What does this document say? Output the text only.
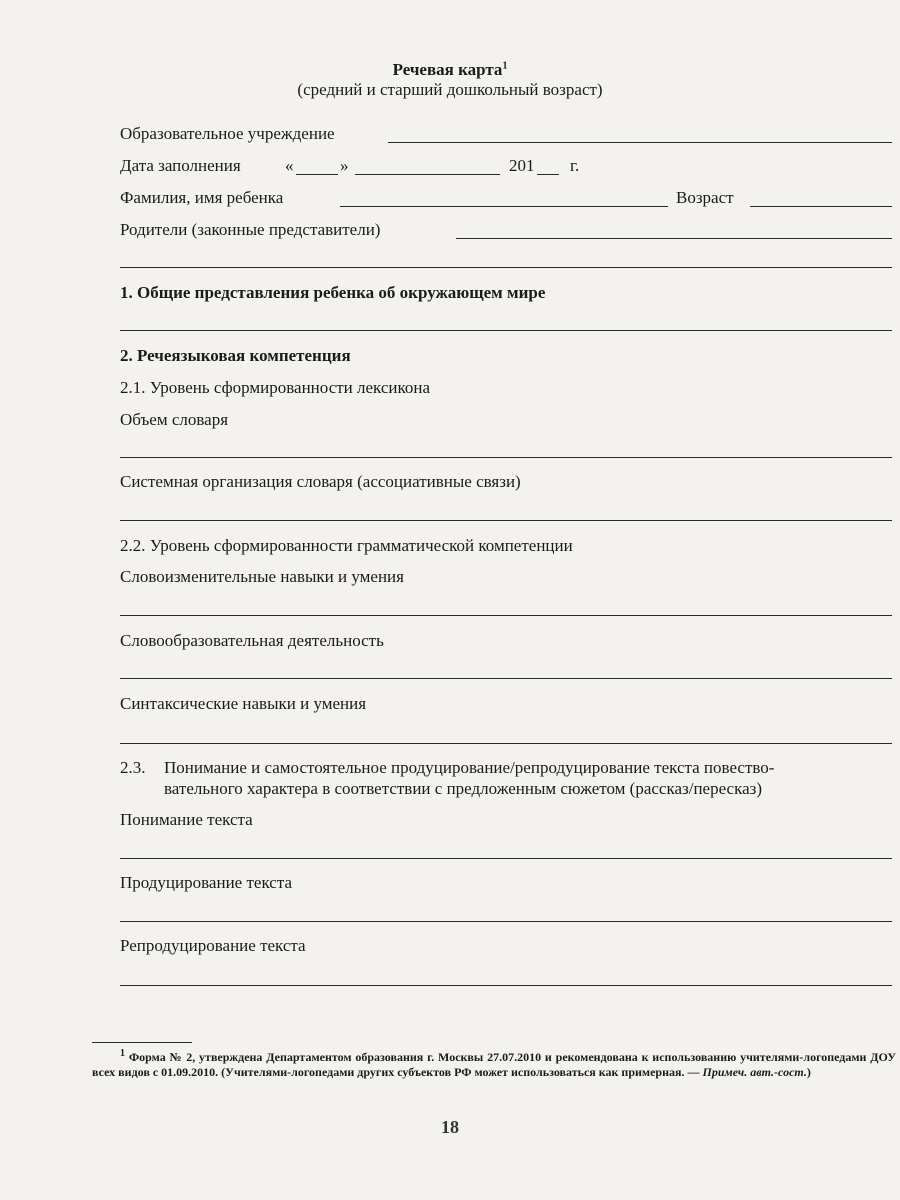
Речевая карта$^1$
(средний и старший дошкольный возраст)
Образовательное учреждение
Дата заполнения	«	»	201 г.
Фамилия, имя ребенка	Возраст
Родители (законные представители)
1. Общие представления ребенка об окружающем мире
2. Речеязыковая компетенция
2.1. Уровень сформированности лексикона
Объем словаря
Системная организация словаря (ассоциативные связи)
2.2. Уровень сформированности грамматической компетенции
Словоизменительные навыки и умения
Словообразовательная деятельность
Синтаксические навыки и умения
2.3. Понимание и самостоятельное продуцирование/репродуцирование текста повество-
вательного характера в соответствии с предложенным сюжетом (рассказ/пересказ)
Понимание текста
Продуцирование текста
Репродуцирование текста
$^1$ Форма № 2, утверждена Департаментом образования г. Москвы 27.07.2010 и рекомендована к использованию учителями-логопедами ДОУ всех видов с 01.09.2010. (Учителями-логопедами других субъектов РФ может использоваться как примерная. — Примеч. авт.-сост.)
18
